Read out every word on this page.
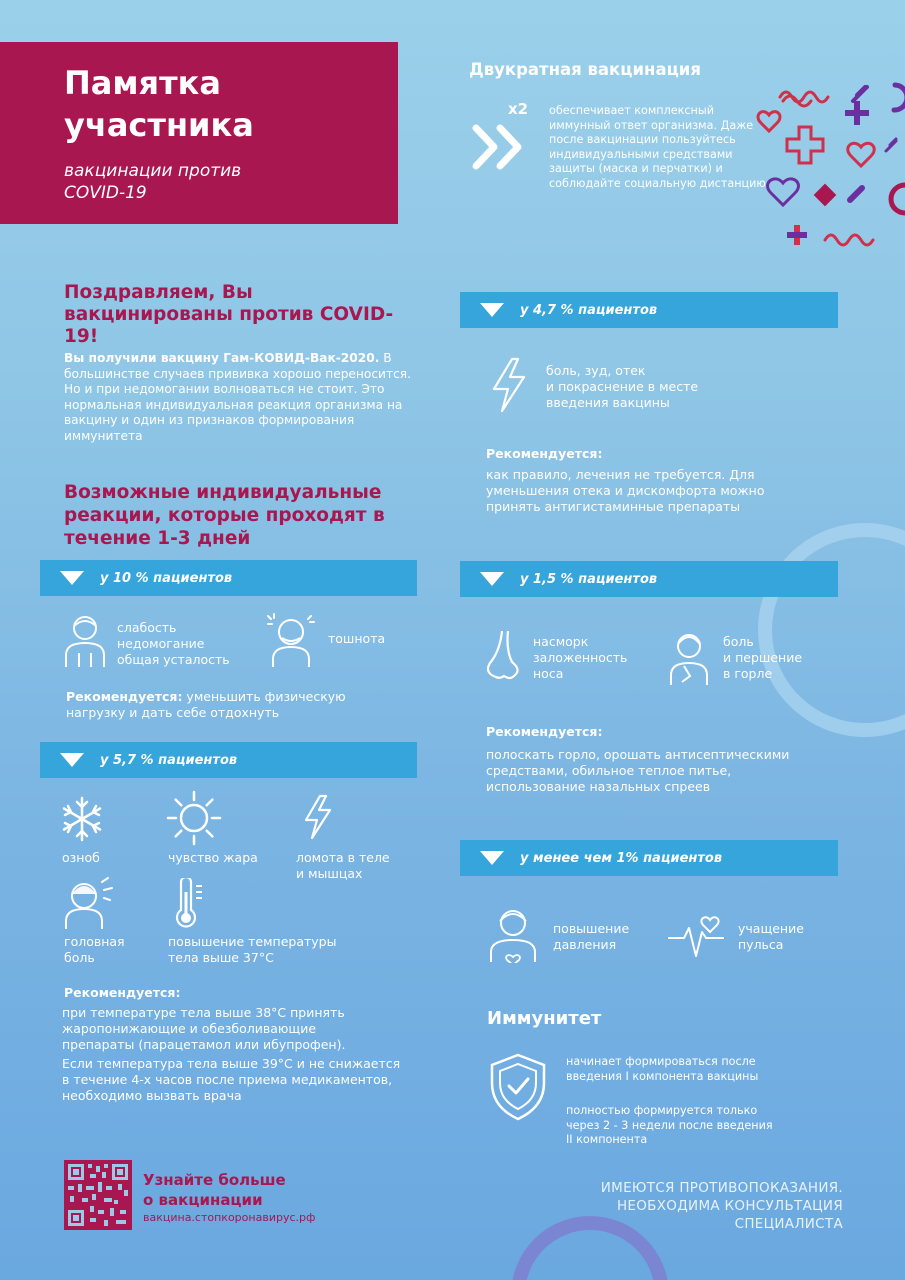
Памятка
участника
вакцинации против
COVID-19
Двукратная вакцинация
x2 обеспечивает комплексный иммунный ответ организма. Даже после вакцинации пользуйтесь индивидуальными средствами защиты (маска и перчатки) и соблюдайте социальную дистанцию
Поздравляем, Вы вакцинированы против COVID-19!
Вы получили вакцину Гам-КОВИД-Вак-2020. В большинстве случаев прививка хорошо переносится. Но и при недомогании волноваться не стоит. Это нормальная индивидуальная реакция организма на вакцину и один из признаков формирования иммунитета
Возможные индивидуальные реакции, которые проходят в течение 1-3 дней
у 10 % пациентов
слабость
недомогание
общая усталость
тошнота
Рекомендуется: уменьшить физическую
нагрузку и дать себе отдохнуть
у 5,7 % пациентов
озноб	чувство жара	ломота в теле
и мышцах
головная
боль
повышение температуры
тела выше 37°С
Рекомендуется:
при температуре тела выше 38°С принять жаропонижающие и обезболивающие препараты (парацетамол или ибупрофен).
Если температура тела выше 39°С и не снижается в течение 4-х часов после приема медикаментов, необходимо вызвать врача
у 4,7 % пациентов
боль, зуд, отек
и покраснение в месте
введения вакцины
Рекомендуется:
как правило, лечения не требуется. Для уменьшения отека и дискомфорта можно принять антигистаминные препараты
у 1,5 % пациентов
насморк
заложенность
носа
боль
и першение
в горле
Рекомендуется:
полоскать горло, орошать антисептическими средствами, обильное теплое питье, использование назальных спреев
у менее чем 1% пациентов
повышение
давления
учащение
пульса
Иммунитет
начинает формироваться после введения I компонента вакцины
полностью формируется только через 2 - 3 недели после введения II компонента
Узнайте больше
о вакцинации
вакцина.стопкоронавирус.рф
ИМЕЮТСЯ ПРОТИВОПОКАЗАНИЯ.
НЕОБХОДИМА КОНСУЛЬТАЦИЯ
СПЕЦИАЛИСТА
